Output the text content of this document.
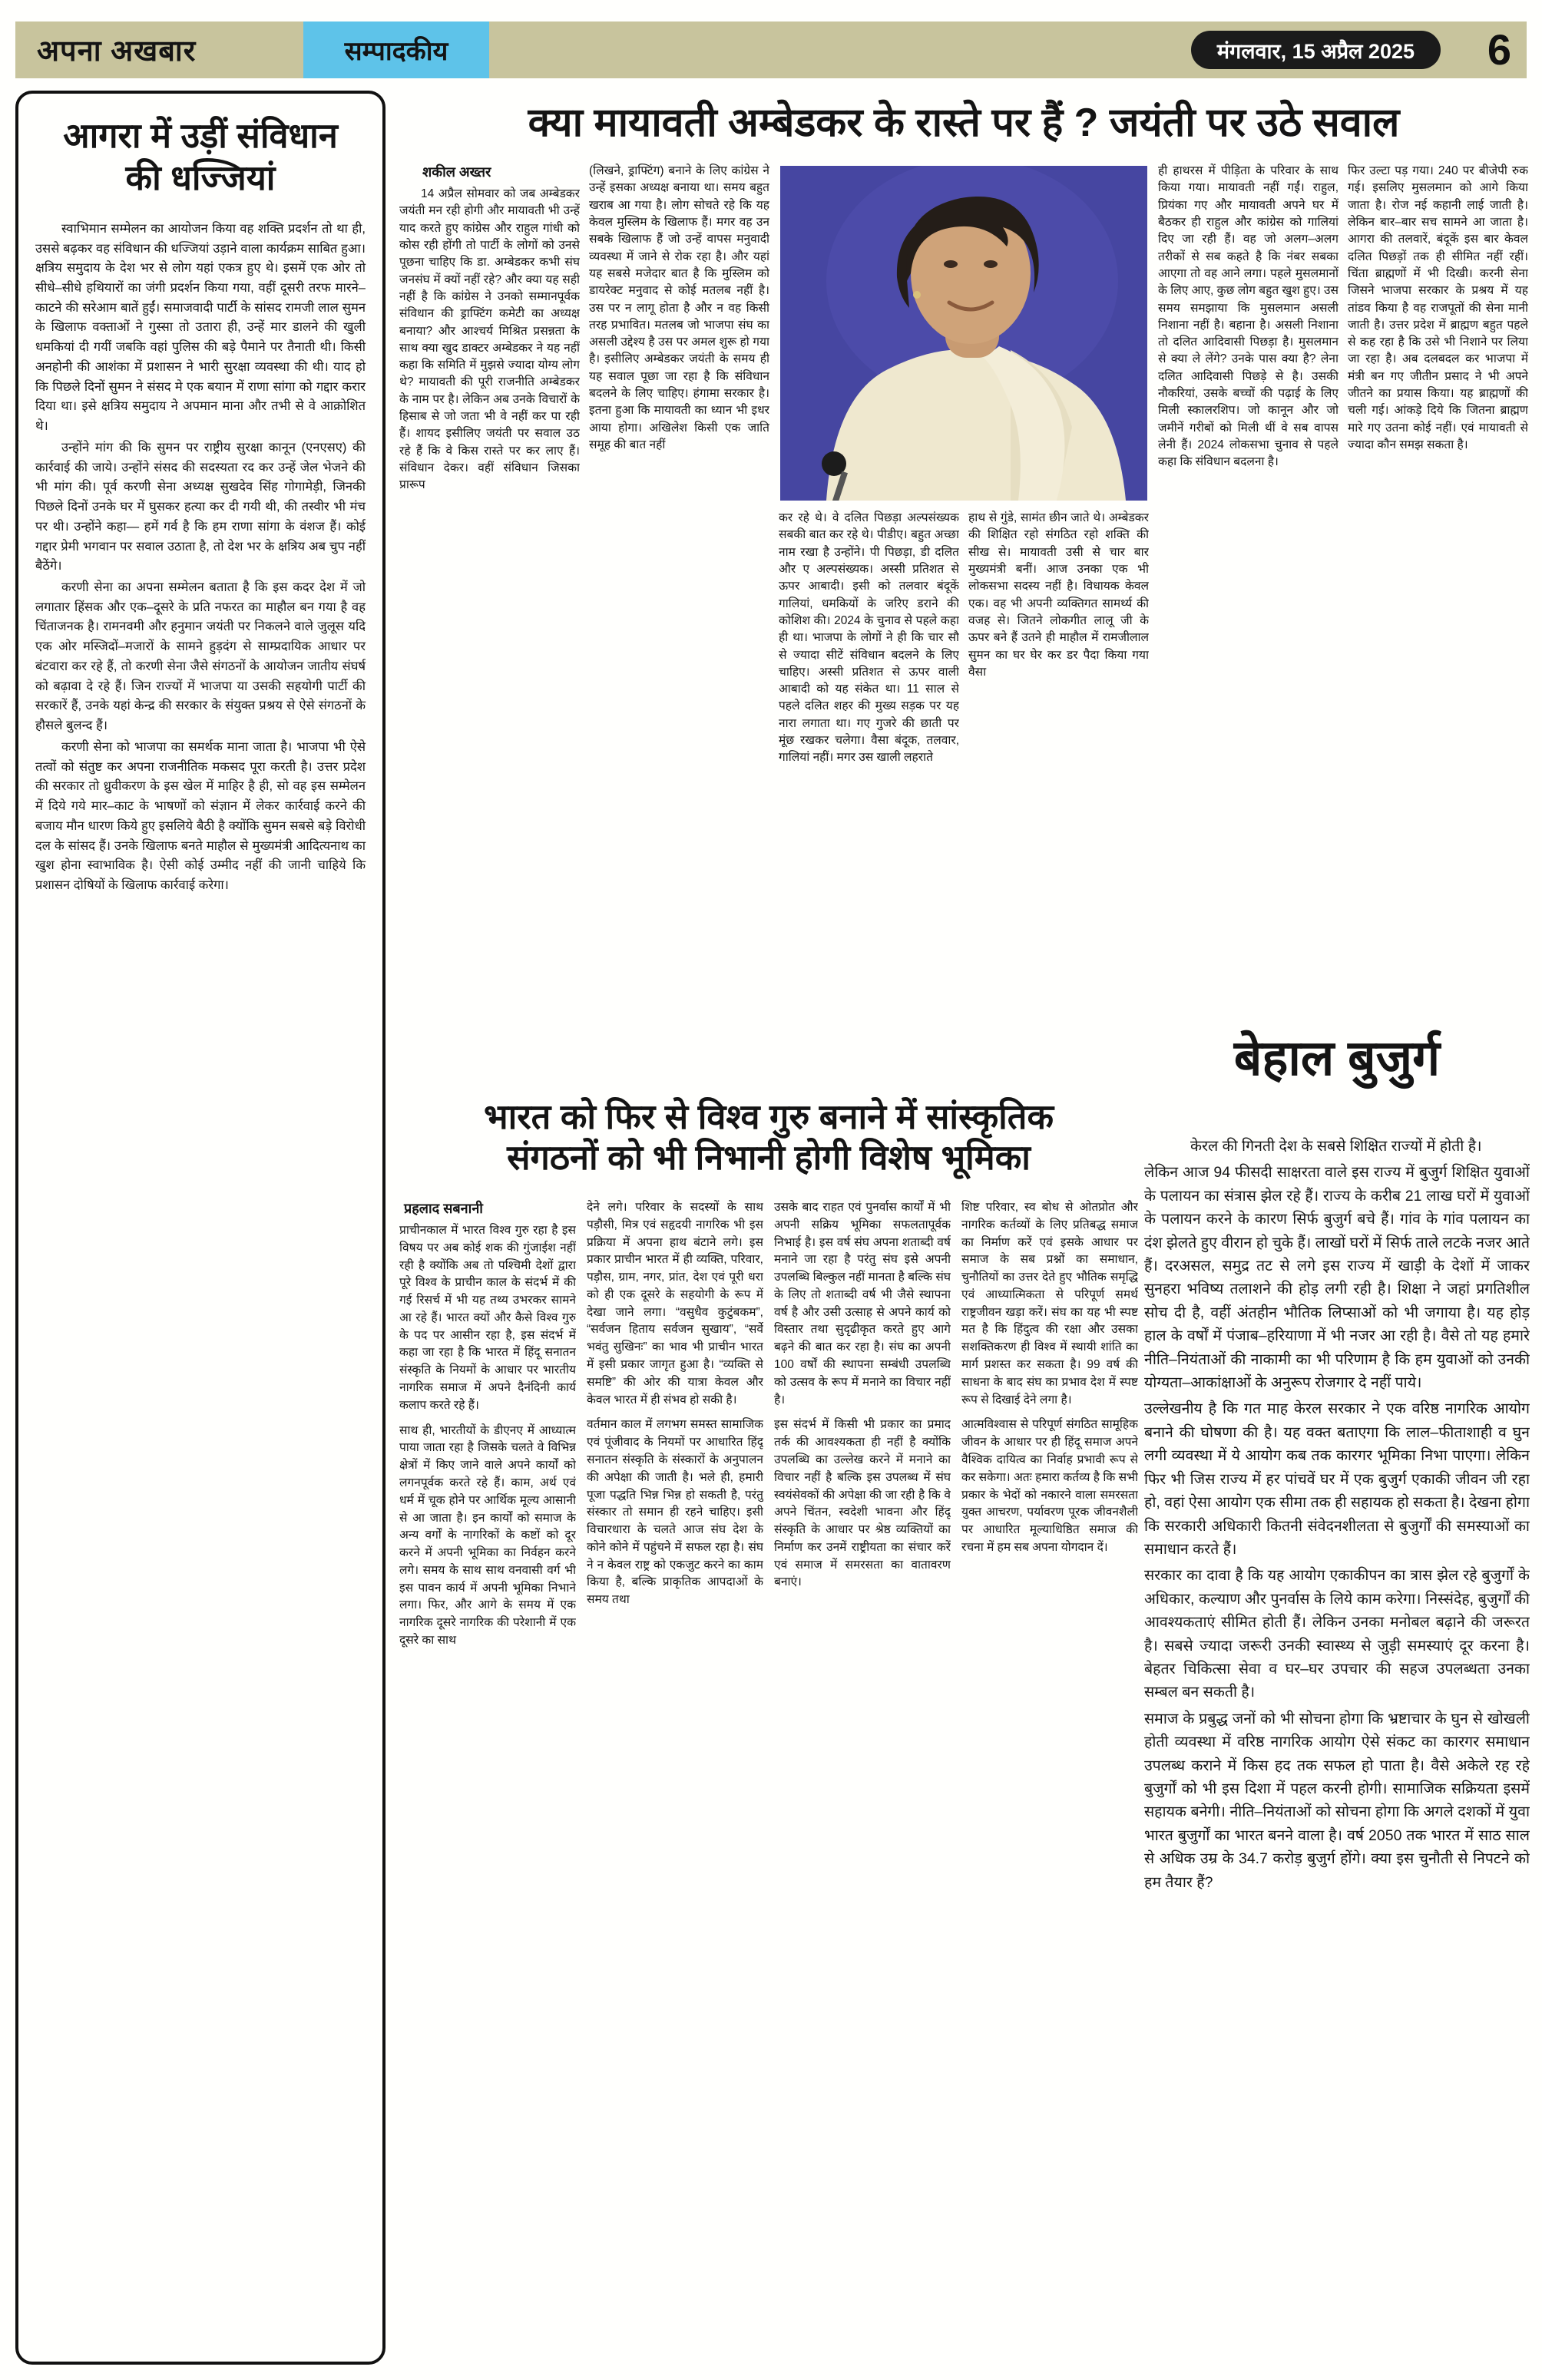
अपना अखबार	सम्पादकीय	मंगलवार, 15 अप्रैल 2025	6
आगरा में उड़ीं संविधान
की धज्जियां

स्वाभिमान सम्मेलन का आयोजन किया वह शक्ति प्रदर्शन तो था ही, उससे बढ़कर वह संविधान की धज्जियां उड़ाने वाला कार्यक्रम साबित हुआ। क्षत्रिय समुदाय के देश भर से लोग यहां एकत्र हुए थे। इसमें एक ओर तो सीधे–सीधे हथियारों का जंगी प्रदर्शन किया गया, वहीं दूसरी तरफ मारने–काटने की सरेआम बातें हुईं। समाजवादी पार्टी के सांसद रामजी लाल सुमन के खिलाफ वक्ताओं ने गुस्सा तो उतारा ही, उन्हें मार डालने की खुली धमकियां दी गयीं जबकि वहां पुलिस की बड़े पैमाने पर तैनाती थी। किसी अनहोनी की आशंका में प्रशासन ने भारी सुरक्षा व्यवस्था की थी। याद हो कि पिछले दिनों सुमन ने संसद मे एक बयान में राणा सांगा को गद्दार करार दिया था। इसे क्षत्रिय समुदाय ने अपमान माना और तभी से वे आक्रोशित थे।

उन्होंने मांग की कि सुमन पर राष्ट्रीय सुरक्षा कानून (एनएसए) की कार्रवाई की जाये। उन्होंने संसद की सदस्यता रद कर उन्हें जेल भेजने की भी मांग की। पूर्व करणी सेना अध्यक्ष सुखदेव सिंह गोगामेड़ी, जिनकी पिछले दिनों उनके घर में घुसकर हत्या कर दी गयी थी, की तस्वीर भी मंच पर थी। उन्होंने कहा— हमें गर्व है कि हम राणा सांगा के वंशज हैं। कोई गद्दार प्रेमी भगवान पर सवाल उठाता है, तो देश भर के क्षत्रिय अब चुप नहीं बैठेंगे।

करणी सेना का अपना सम्मेलन बताता है कि इस कदर देश में जो लगातार हिंसक और एक–दूसरे के प्रति नफरत का माहौल बन गया है वह चिंताजनक है। रामनवमी और हनुमान जयंती पर निकलने वाले जुलूस यदि एक ओर मस्जिदों–मजारों के सामने हुड़दंग से साम्प्रदायिक आधार पर बंटवारा कर रहे हैं, तो करणी सेना जैसे संगठनों के आयोजन जातीय संघर्ष को बढ़ावा दे रहे हैं। जिन राज्यों में भाजपा या उसकी सहयोगी पार्टी की सरकारें हैं, उनके यहां केन्द्र की सरकार के संयुक्त प्रश्रय से ऐसे संगठनों के हौसले बुलन्द हैं।

करणी सेना को भाजपा का समर्थक माना जाता है। भाजपा भी ऐसे तत्वों को संतुष्ट कर अपना राजनीतिक मकसद पूरा करती है। उत्तर प्रदेश की सरकार तो ध्रुवीकरण के इस खेल में माहिर है ही, सो वह इस सम्मेलन में दिये गये मार–काट के भाषणों को संज्ञान में लेकर कार्रवाई करने की बजाय मौन धारण किये हुए इसलिये बैठी है क्योंकि सुमन सबसे बड़े विरोधी दल के सांसद हैं। उनके खिलाफ बनते माहौल से मुख्यमंत्री आदित्यनाथ का खुश होना स्वाभाविक है। ऐसी कोई उम्मीद नहीं की जानी चाहिये कि प्रशासन दोषियों के खिलाफ कार्रवाई करेगा।

क्या मायावती अम्बेडकर के रास्ते पर हैं ? जयंती पर उठे सवाल
शकील अख्तर

14 अप्रैल सोमवार को जब अम्बेडकर जयंती मन रही होगी और मायावती भी उन्हें याद करते हुए कांग्रेस और राहुल गांधी को कोस रही होंगी तो पार्टी के लोगों को उनसे पूछना चाहिए कि डा. अम्बेडकर कभी संघ जनसंघ में क्यों नहीं रहे? और क्या यह सही नहीं है कि कांग्रेस ने उनको सम्मानपूर्वक संविधान की ड्राफ्टिंग कमेटी का अध्यक्ष बनाया? और आश्चर्य मिश्रित प्रसन्नता के साथ क्या खुद डाक्टर अम्बेडकर ने यह नहीं कहा कि समिति में मुझसे ज्यादा योग्य लोग थे? मायावती की पूरी राजनीति अम्बेडकर के नाम पर है। लेकिन अब उनके विचारों के हिसाब से जो जता भी वे नहीं कर पा रही हैं। शायद इसीलिए जयंती पर सवाल उठ रहे हैं कि वे किस रास्ते पर कर लाए हैं। संविधान देकर। वहीं संविधान जिसका प्रारूप

(लिखने, ड्राफ्टिंग) बनाने के लिए कांग्रेस ने उन्हें इसका अध्यक्ष बनाया था। समय बहुत खराब आ गया है। लोग सोचते रहे कि यह केवल मुस्लिम के खिलाफ हैं। मगर वह उन सबके खिलाफ हैं जो उन्हें वापस मनुवादी व्यवस्था में जाने से रोक रहा है। और यहां यह सबसे मजेदार बात है कि मुस्लिम को डायरेक्ट मनुवाद से कोई मतलब नहीं है। उस पर न लागू होता है और न वह किसी तरह प्रभावित। मतलब जो भाजपा संघ का असली उद्देश्य है उस पर अमल शुरू हो गया है। इसीलिए अम्बेडकर जयंती के समय ही यह सवाल पूछा जा रहा है कि संविधान बदलने के लिए चाहिए। हंगामा सरकार है। इतना हुआ कि मायावती का ध्यान भी इधर आया होगा। अखिलेश किसी एक जाति समूह की बात नहीं

कर रहे थे। वे दलित पिछड़ा अल्पसंख्यक सबकी बात कर रहे थे। पीडीए। बहुत अच्छा नाम रखा है उन्होंने। पी पिछड़ा, डी दलित और ए अल्पसंख्यक। अस्सी प्रतिशत से ऊपर आबादी। इसी को तलवार बंदूकें गालियां, धमकियों के जरिए डराने की कोशिश की। 2024 के चुनाव से पहले कहा ही था। भाजपा के लोगों ने ही कि चार सौ से ज्यादा सीटें संविधान बदलने के लिए चाहिए। अस्सी प्रतिशत से ऊपर वाली आबादी को यह संकेत था। 11 साल से पहले दलित शहर की मुख्य सड़क पर यह नारा लगाता था। गए गुजरे की छाती पर मूंछ रखकर चलेगा। वैसा बंदूक, तलवार, गालियां नहीं। मगर उस खाली लहराते

हाथ से गुंडे, सामंत छीन जाते थे। अम्बेडकर की शिक्षित रहो संगठित रहो शक्ति की सीख से। मायावती उसी से चार बार मुख्यमंत्री बनीं। आज उनका एक भी लोकसभा सदस्य नहीं है। विधायक केवल एक। वह भी अपनी व्यक्तिगत सामर्थ्य की वजह से। जितने लोकगीत लालू जी के ऊपर बने हैं उतने ही माहौल में रामजीलाल सुमन का घर घेर कर डर पैदा किया गया वैसा

ही हाथरस में पीड़िता के परिवार के साथ किया गया। मायावती नहीं गईं। राहुल, प्रियंका गए और मायावती अपने घर में बैठकर ही राहुल और कांग्रेस को गालियां दिए जा रही हैं। वह जो अलग–अलग तरीकों से सब कहते है कि नंबर सबका आएगा तो वह आने लगा। पहले मुसलमानों के लिए आए, कुछ लोग बहुत खुश हुए। उस समय समझाया कि मुसलमान असली निशाना नहीं है। बहाना है। असली निशाना तो दलित आदिवासी पिछड़ा है। मुसलमान से क्या ले लेंगे? उनके पास क्या है? लेना दलित आदिवासी पिछड़े से है। उसकी नौकरियां, उसके बच्चों की पढ़ाई के लिए मिली स्कालरशिप। जो कानून और जो जमीनें गरीबों को मिली थीं वे सब वापस लेनी हैं। 2024 लोकसभा चुनाव से पहले कहा कि संविधान बदलना है।

फिर उल्टा पड़ गया। 240 पर बीजेपी रुक गई। इसलिए मुसलमान को आगे किया जाता है। रोज नई कहानी लाई जाती है। लेकिन बार–बार सच सामने आ जाता है। आगरा की तलवारें, बंदूकें इस बार केवल दलित पिछड़ों तक ही सीमित नहीं रहीं। चिंता ब्राह्मणों में भी दिखी। करनी सेना जिसने भाजपा सरकार के प्रश्रय में यह तांडव किया है वह राजपूतों की सेना मानी जाती है। उत्तर प्रदेश में ब्राह्मण बहुत पहले से कह रहा है कि उसे भी निशाने पर लिया जा रहा है। अब दलबदल कर भाजपा में मंत्री बन गए जीतीन प्रसाद ने भी अपने जीतने का प्रयास किया। यह ब्राह्मणों की चली गई। आंकड़े दिये कि जितना ब्राह्मण मारे गए उतना कोई नहीं। एवं मायावती से ज्यादा कौन समझ सकता है।

भारत को फिर से विश्व गुरु बनाने में सांस्कृतिक
संगठनों को भी निभानी होगी विशेष भूमिका
प्रहलाद सबनानी

प्राचीनकाल में भारत विश्व गुरु रहा है इस विषय पर अब कोई शक की गुंजाईश नहीं रही है क्योंकि अब तो पश्चिमी देशों द्वारा पूरे विश्व के प्राचीन काल के संदर्भ में की गई रिसर्च में भी यह तथ्य उभरकर सामने आ रहे हैं। भारत क्यों और कैसे विश्व गुरु के पद पर आसीन रहा है, इस संदर्भ में कहा जा रहा है कि भारत में हिंदू सनातन संस्कृति के नियमों के आधार पर भारतीय नागरिक समाज में अपने दैनंदिनी कार्य कलाप करते रहे हैं।

साथ ही, भारतीयों के डीएनए में आध्यात्म पाया जाता रहा है जिसके चलते वे विभिन्न क्षेत्रों में किए जाने वाले अपने कार्यों को लगनपूर्वक करते रहे हैं। काम, अर्थ एवं धर्म में चूक होने पर आर्थिक मूल्य आसानी से आ जाता है। इन कार्यों को समाज के अन्य वर्गों के नागरिकों के कष्टों को दूर करने में अपनी भूमिका का निर्वहन करने लगे। समय के साथ साथ वनवासी वर्ग भी इस पावन कार्य में अपनी भूमिका निभाने लगा। फिर, और आगे के समय में एक नागरिक दूसरे नागरिक की परेशानी में एक दूसरे का साथ

देने लगे। परिवार के सदस्यों के साथ पड़ौसी, मित्र एवं सहृदयी नागरिक भी इस प्रक्रिया में अपना हाथ बंटाने लगे। इस प्रकार प्राचीन भारत में ही व्यक्ति, परिवार, पड़ौस, ग्राम, नगर, प्रांत, देश एवं पूरी धरा को ही एक दूसरे के सहयोगी के रूप में देखा जाने लगा। “वसुधैव कुटुंबकम”, “सर्वजन हिताय सर्वजन सुखाय”, “सर्वे भवंतु सुखिनः” का भाव भी प्राचीन भारत में इसी प्रकार जागृत हुआ है। “व्यक्ति से समष्टि” की ओर की यात्रा केवल और केवल भारत में ही संभव हो सकी है।

वर्तमान काल में लगभग समस्त सामाजिक एवं पूंजीवाद के नियमों पर आधारित हिंदू सनातन संस्कृति के संस्कारों के अनुपालन की अपेक्षा की जाती है। भले ही, हमारी पूजा पद्धति भिन्न भिन्न हो सकती है, परंतु संस्कार तो समान ही रहने चाहिए। इसी विचारधारा के चलते आज संघ देश के कोने कोने में पहुंचने में सफल रहा है। संघ ने न केवल राष्ट्र को एकजुट करने का काम किया है, बल्कि प्राकृतिक आपदाओं के समय तथा

उसके बाद राहत एवं पुनर्वास कार्यों में भी अपनी सक्रिय भूमिका सफलतापूर्वक निभाई है। इस वर्ष संघ अपना शताब्दी वर्ष मनाने जा रहा है परंतु संघ इसे अपनी उपलब्धि बिल्कुल नहीं मानता है बल्कि संघ के लिए तो शताब्दी वर्ष भी जैसे स्थापना वर्ष है और उसी उत्साह से अपने कार्य को विस्तार तथा सुदृढीकृत करते हुए आगे बढ़ने की बात कर रहा है। संघ का अपनी 100 वर्षों की स्थापना सम्बंधी उपलब्धि को उत्सव के रूप में मनाने का विचार नहीं है।

इस संदर्भ में किसी भी प्रकार का प्रमाद तर्क की आवश्यकता ही नहीं है क्योंकि उपलब्धि का उल्लेख करने में मनाने का विचार नहीं है बल्कि इस उपलब्ध में संघ स्वयंसेवकों की अपेक्षा की जा रही है कि वे अपने चिंतन, स्वदेशी भावना और हिंदू संस्कृति के आधार पर श्रेष्ठ व्यक्तियों का निर्माण कर उनमें राष्ट्रीयता का संचार करें एवं समाज में समरसता का वातावरण बनाएं।

शिष्ट परिवार, स्व बोध से ओतप्रोत और नागरिक कर्तव्यों के लिए प्रतिबद्ध समाज का निर्माण करें एवं इसके आधार पर समाज के सब प्रश्नों का समाधान, चुनौतियों का उत्तर देते हुए भौतिक समृद्धि एवं आध्यात्मिकता से परिपूर्ण समर्थ राष्ट्रजीवन खड़ा करें। संघ का यह भी स्पष्ट मत है कि हिंदुत्व की रक्षा और उसका सशक्तिकरण ही विश्व में स्थायी शांति का मार्ग प्रशस्त कर सकता है। 99 वर्ष की साधना के बाद संघ का प्रभाव देश में स्पष्ट रूप से दिखाई देने लगा है।

आत्मविश्वास से परिपूर्ण संगठित सामूहिक जीवन के आधार पर ही हिंदू समाज अपने वैश्विक दायित्व का निर्वाह प्रभावी रूप से कर सकेगा। अतः हमारा कर्तव्य है कि सभी प्रकार के भेदों को नकारने वाला समरसता युक्त आचरण, पर्यावरण पूरक जीवनशैली पर आधारित मूल्याधिष्ठित समाज की रचना में हम सब अपना योगदान दें।

बेहाल बुजुर्ग

केरल की गिनती देश के सबसे शिक्षित राज्यों में होती है।

लेकिन आज 94 फीसदी साक्षरता वाले इस राज्य में बुजुर्ग शिक्षित युवाओं के पलायन का संत्रास झेल रहे हैं। राज्य के करीब 21 लाख घरों में युवाओं के पलायन करने के कारण सिर्फ बुजुर्ग बचे हैं। गांव के गांव पलायन का दंश झेलते हुए वीरान हो चुके हैं। लाखों घरों में सिर्फ ताले लटके नजर आते हैं। दरअसल, समुद्र तट से लगे इस राज्य में खाड़ी के देशों में जाकर सुनहरा भविष्य तलाशने की होड़ लगी रही है। शिक्षा ने जहां प्रगतिशील सोच दी है, वहीं अंतहीन भौतिक लिप्साओं को भी जगाया है। यह होड़ हाल के वर्षों में पंजाब–हरियाणा में भी नजर आ रही है। वैसे तो यह हमारे नीति–नियंताओं की नाकामी का भी परिणाम है कि हम युवाओं को उनकी योग्यता–आकांक्षाओं के अनुरूप रोजगार दे नहीं पाये।

उल्लेखनीय है कि गत माह केरल सरकार ने एक वरिष्ठ नागरिक आयोग बनाने की घोषणा की है। यह वक्त बताएगा कि लाल–फीताशाही व घुन लगी व्यवस्था में ये आयोग कब तक कारगर भूमिका निभा पाएगा। लेकिन फिर भी जिस राज्य में हर पांचवें घर में एक बुजुर्ग एकाकी जीवन जी रहा हो, वहां ऐसा आयोग एक सीमा तक ही सहायक हो सकता है। देखना होगा कि सरकारी अधिकारी कितनी संवेदनशीलता से बुजुर्गों की समस्याओं का समाधान करते हैं।

सरकार का दावा है कि यह आयोग एकाकीपन का त्रास झेल रहे बुजुर्गों के अधिकार, कल्याण और पुनर्वास के लिये काम करेगा। निस्संदेह, बुजुर्गों की आवश्यकताएं सीमित होती हैं। लेकिन उनका मनोबल बढ़ाने की जरूरत है। सबसे ज्यादा जरूरी उनकी स्वास्थ्य से जुड़ी समस्याएं दूर करना है। बेहतर चिकित्सा सेवा व घर–घर उपचार की सहज उपलब्धता उनका सम्बल बन सकती है।

समाज के प्रबुद्ध जनों को भी सोचना होगा कि भ्रष्टाचार के घुन से खोखली होती व्यवस्था में वरिष्ठ नागरिक आयोग ऐसे संकट का कारगर समाधान उपलब्ध कराने में किस हद तक सफल हो पाता है। वैसे अकेले रह रहे बुजुर्गों को भी इस दिशा में पहल करनी होगी। सामाजिक सक्रियता इसमें सहायक बनेगी। नीति–नियंताओं को सोचना होगा कि अगले दशकों में युवा भारत बुजुर्गों का भारत बनने वाला है। वर्ष 2050 तक भारत में साठ साल से अधिक उम्र के 34.7 करोड़ बुजुर्ग होंगे। क्या इस चुनौती से निपटने को हम तैयार हैं?
